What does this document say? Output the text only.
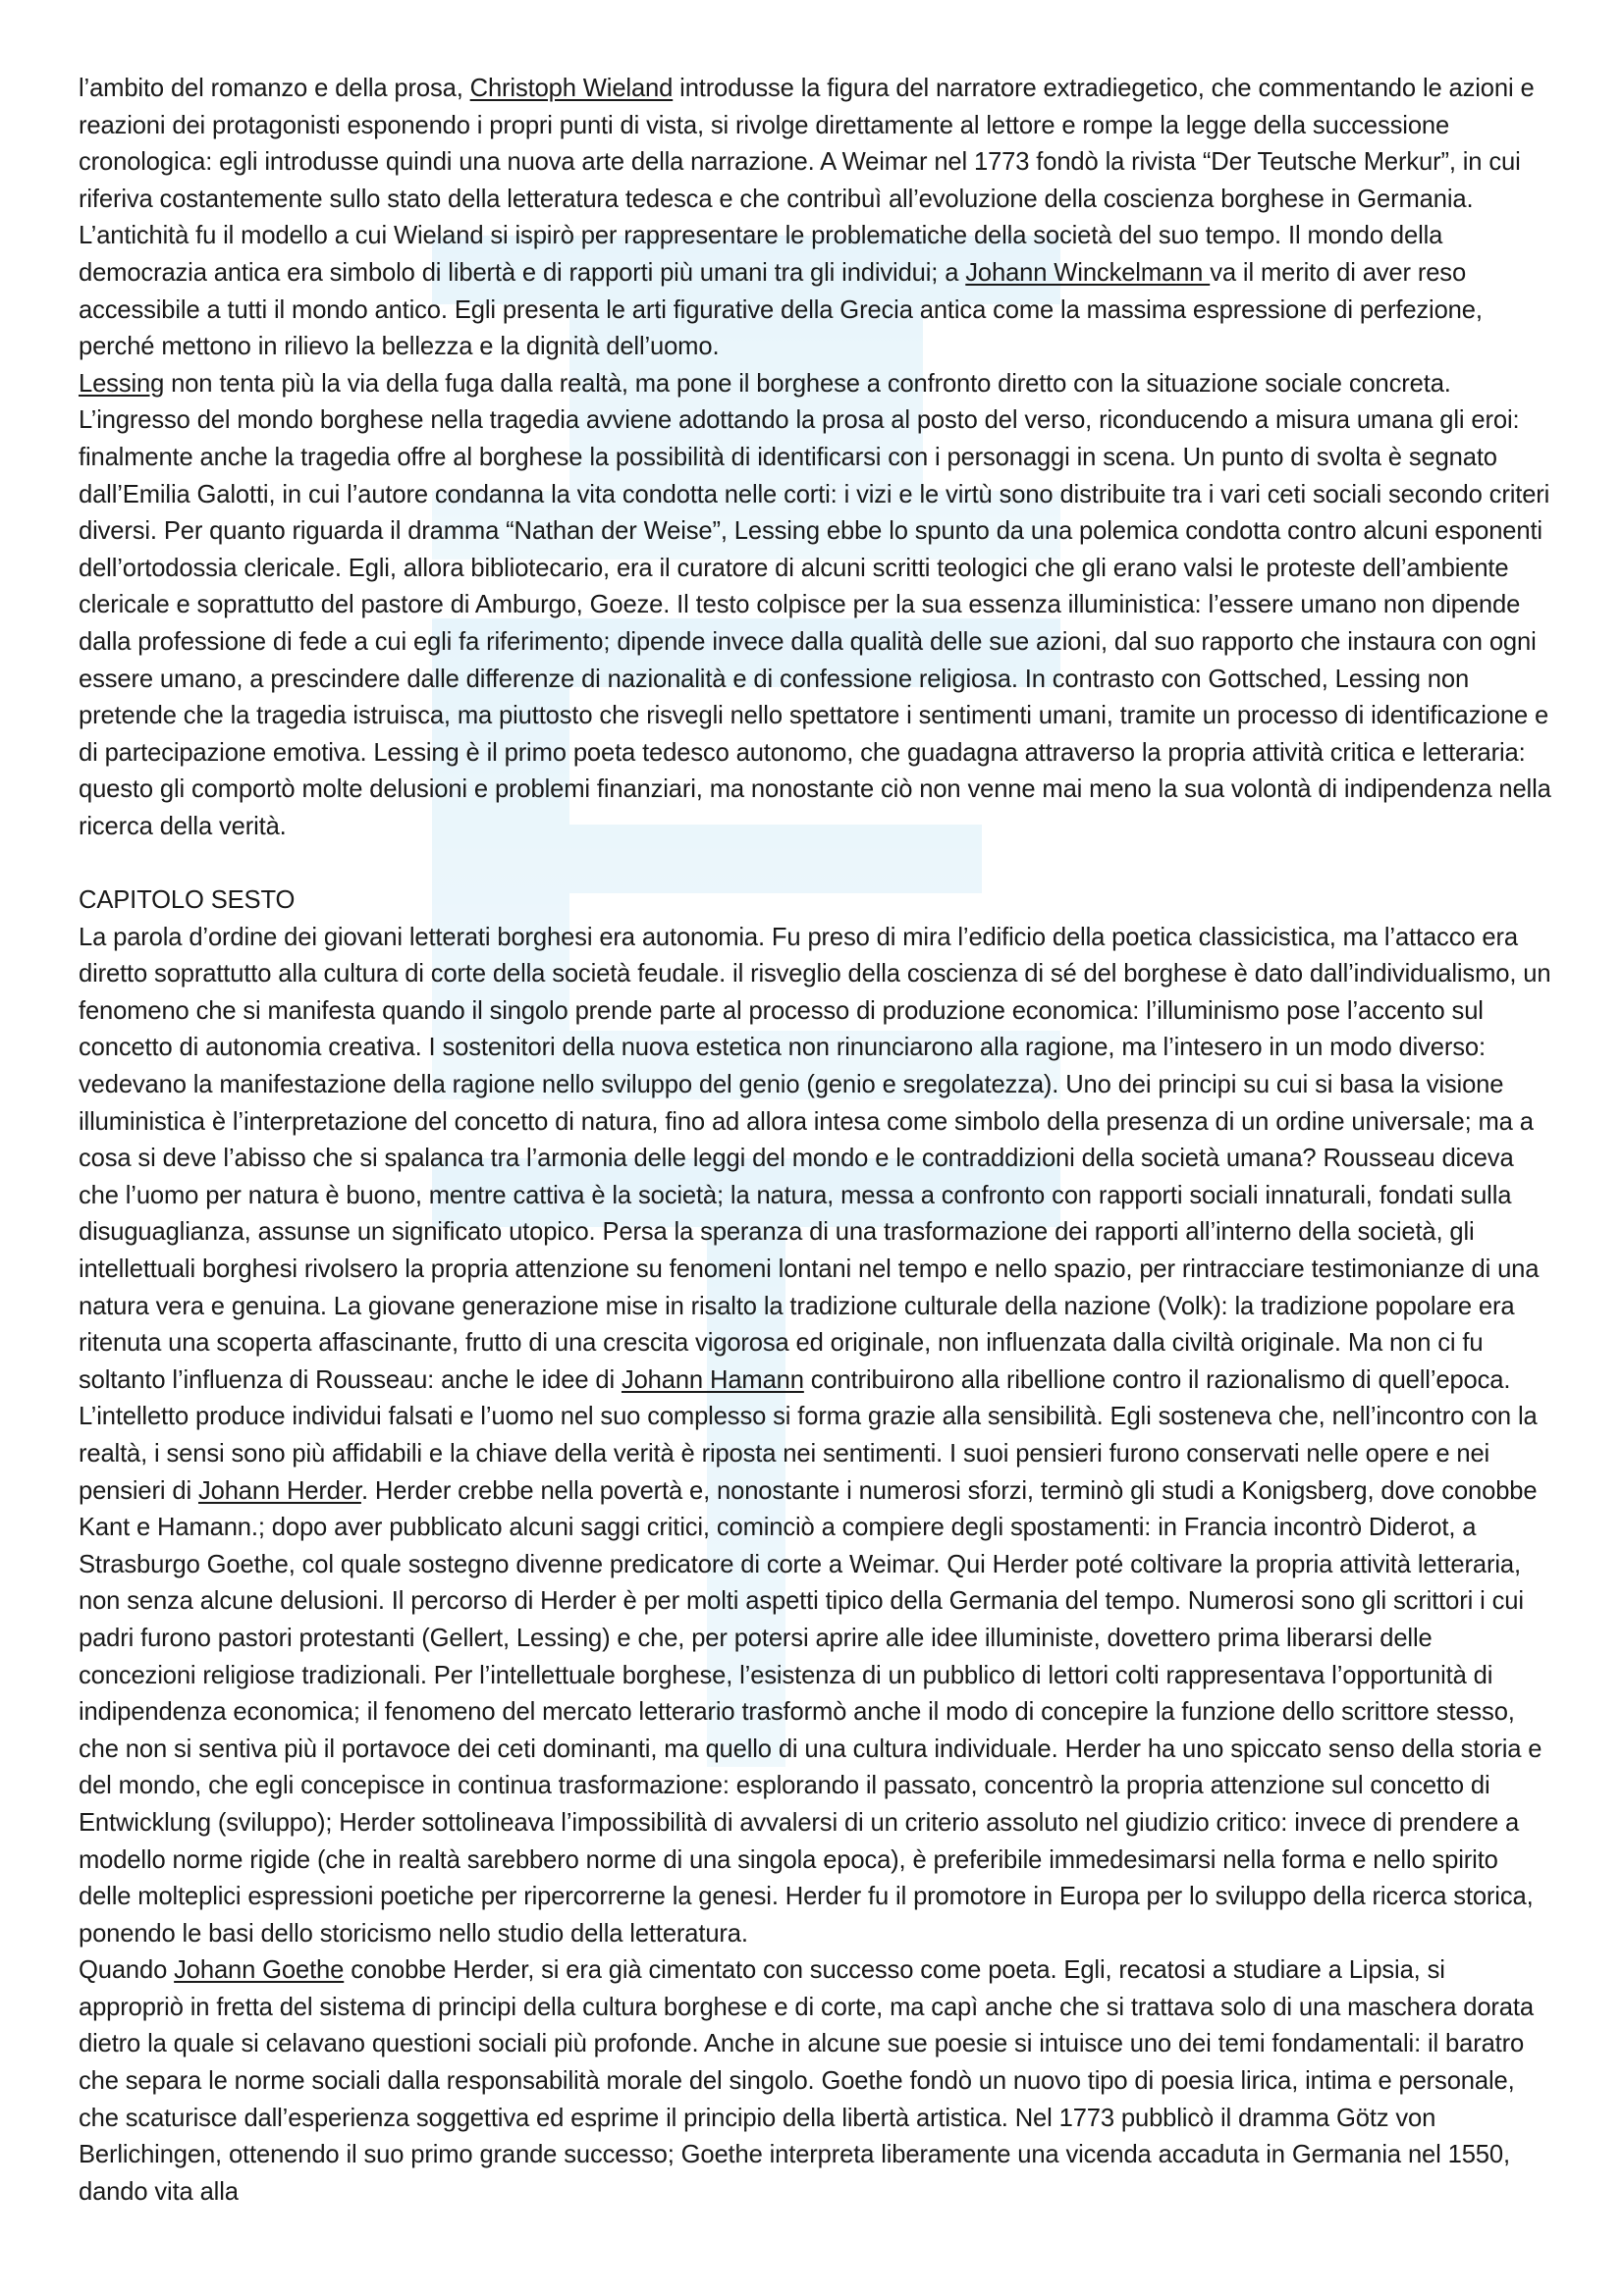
l’ambito del romanzo e della prosa, Christoph Wieland introdusse la figura del narratore extradiegetico, che commentando le azioni e reazioni dei protagonisti esponendo i propri punti di vista, si rivolge direttamente al lettore e rompe la legge della successione cronologica: egli introdusse quindi una nuova arte della narrazione. A Weimar nel 1773 fondò la rivista “Der Teutsche Merkur”, in cui riferiva costantemente sullo stato della letteratura tedesca e che contribuì all’evoluzione della coscienza borghese in Germania. L’antichità fu il modello a cui Wieland si ispirò per rappresentare le problematiche della società del suo tempo. Il mondo della democrazia antica era simbolo di libertà e di rapporti più umani tra gli individui; a Johann Winckelmann va il merito di aver reso accessibile a tutti il mondo antico. Egli presenta le arti figurative della Grecia antica come la massima espressione di perfezione, perché mettono in rilievo la bellezza e la dignità dell’uomo.

Lessing non tenta più la via della fuga dalla realtà, ma pone il borghese a confronto diretto con la situazione sociale concreta. L’ingresso del mondo borghese nella tragedia avviene adottando la prosa al posto del verso, riconducendo a misura umana gli eroi: finalmente anche la tragedia offre al borghese la possibilità di identificarsi con i personaggi in scena. Un punto di svolta è segnato dall’Emilia Galotti, in cui l’autore condanna la vita condotta nelle corti: i vizi e le virtù sono distribuite tra i vari ceti sociali secondo criteri diversi. Per quanto riguarda il dramma “Nathan der Weise”, Lessing ebbe lo spunto da una polemica condotta contro alcuni esponenti dell’ortodossia clericale. Egli, allora bibliotecario, era il curatore di alcuni scritti teologici che gli erano valsi le proteste dell’ambiente clericale e soprattutto del pastore di Amburgo, Goeze. Il testo colpisce per la sua essenza illuministica: l’essere umano non dipende dalla professione di fede a cui egli fa riferimento; dipende invece dalla qualità delle sue azioni, dal suo rapporto che instaura con ogni essere umano, a prescindere dalle differenze di nazionalità e di confessione religiosa. In contrasto con Gottsched, Lessing non pretende che la tragedia istruisca, ma piuttosto che risvegli nello spettatore i sentimenti umani, tramite un processo di identificazione e di partecipazione emotiva. Lessing è il primo poeta tedesco autonomo, che guadagna attraverso la propria attività critica e letteraria: questo gli comportò molte delusioni e problemi finanziari, ma nonostante ciò non venne mai meno la sua volontà di indipendenza nella ricerca della verità.

CAPITOLO SESTO

La parola d’ordine dei giovani letterati borghesi era autonomia. Fu preso di mira l’edificio della poetica classicistica, ma l’attacco era diretto soprattutto alla cultura di corte della società feudale. il risveglio della coscienza di sé del borghese è dato dall’individualismo, un fenomeno che si manifesta quando il singolo prende parte al processo di produzione economica: l’illuminismo pose l’accento sul concetto di autonomia creativa. I sostenitori della nuova estetica non rinunciarono alla ragione, ma l’intesero in un modo diverso: vedevano la manifestazione della ragione nello sviluppo del genio (genio e sregolatezza). Uno dei principi su cui si basa la visione illuministica è l’interpretazione del concetto di natura, fino ad allora intesa come simbolo della presenza di un ordine universale; ma a cosa si deve l’abisso che si spalanca tra l’armonia delle leggi del mondo e le contraddizioni della società umana? Rousseau diceva che l’uomo per natura è buono, mentre cattiva è la società; la natura, messa a confronto con rapporti sociali innaturali, fondati sulla disuguaglianza, assunse un significato utopico. Persa la speranza di una trasformazione dei rapporti all’interno della società, gli intellettuali borghesi rivolsero la propria attenzione su fenomeni lontani nel tempo e nello spazio, per rintracciare testimonianze di una natura vera e genuina. La giovane generazione mise in risalto la tradizione culturale della nazione (Volk): la tradizione popolare era ritenuta una scoperta affascinante, frutto di una crescita vigorosa ed originale, non influenzata dalla civiltà originale. Ma non ci fu soltanto l’influenza di Rousseau: anche le idee di Johann Hamann contribuirono alla ribellione contro il razionalismo di quell’epoca. L’intelletto produce individui falsati e l’uomo nel suo complesso si forma grazie alla sensibilità. Egli sosteneva che, nell’incontro con la realtà, i sensi sono più affidabili e la chiave della verità è riposta nei sentimenti. I suoi pensieri furono conservati nelle opere e nei pensieri di Johann Herder. Herder crebbe nella povertà e, nonostante i numerosi sforzi, terminò gli studi a Konigsberg, dove conobbe Kant e Hamann.; dopo aver pubblicato alcuni saggi critici, cominciò a compiere degli spostamenti: in Francia incontrò Diderot, a Strasburgo Goethe, col quale sostegno divenne predicatore di corte a Weimar. Qui Herder poté coltivare la propria attività letteraria, non senza alcune delusioni. Il percorso di Herder è per molti aspetti tipico della Germania del tempo. Numerosi sono gli scrittori i cui padri furono pastori protestanti (Gellert, Lessing) e che, per potersi aprire alle idee illuministe, dovettero prima liberarsi delle concezioni religiose tradizionali. Per l’intellettuale borghese, l’esistenza di un pubblico di lettori colti rappresentava l’opportunità di indipendenza economica; il fenomeno del mercato letterario trasformò anche il modo di concepire la funzione dello scrittore stesso, che non si sentiva più il portavoce dei ceti dominanti, ma quello di una cultura individuale. Herder ha uno spiccato senso della storia e del mondo, che egli concepisce in continua trasformazione: esplorando il passato, concentrò la propria attenzione sul concetto di Entwicklung (sviluppo); Herder sottolineava l’impossibilità di avvalersi di un criterio assoluto nel giudizio critico: invece di prendere a modello norme rigide (che in realtà sarebbero norme di una singola epoca), è preferibile immedesimarsi nella forma e nello spirito delle molteplici espressioni poetiche per ripercorrerne la genesi. Herder fu il promotore in Europa per lo sviluppo della ricerca storica, ponendo le basi dello storicismo nello studio della letteratura.

Quando Johann Goethe conobbe Herder, si era già cimentato con successo come poeta. Egli, recatosi a studiare a Lipsia, si appropriò in fretta del sistema di principi della cultura borghese e di corte, ma capì anche che si trattava solo di una maschera dorata dietro la quale si celavano questioni sociali più profonde. Anche in alcune sue poesie si intuisce uno dei temi fondamentali: il baratro che separa le norme sociali dalla responsabilità morale del singolo. Goethe fondò un nuovo tipo di poesia lirica, intima e personale, che scaturisce dall’esperienza soggettiva ed esprime il principio della libertà artistica. Nel 1773 pubblicò il dramma Götz von Berlichingen, ottenendo il suo primo grande successo; Goethe interpreta liberamente una vicenda accaduta in Germania nel 1550, dando vita alla
